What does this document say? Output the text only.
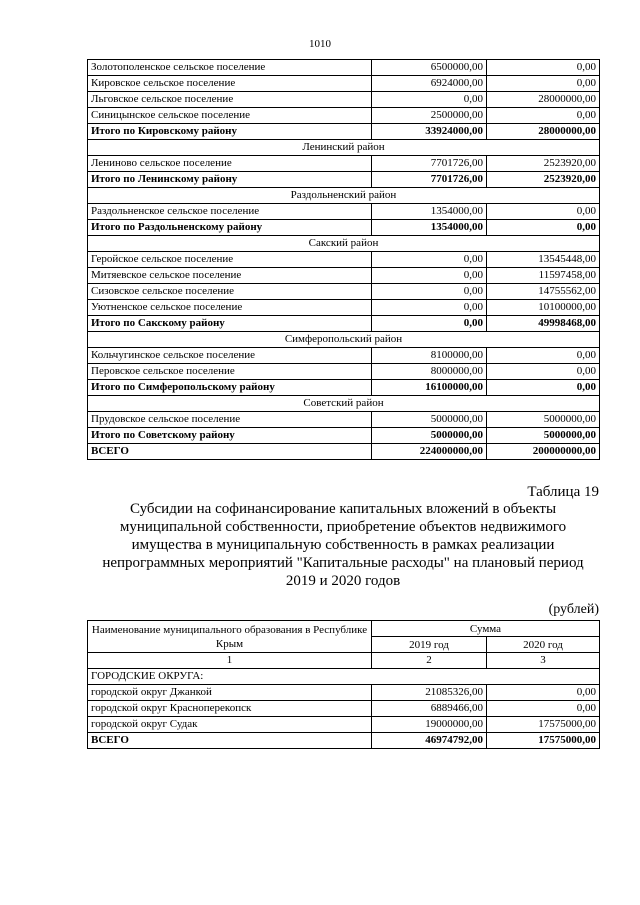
1010
Золотополенское сельское поселение	6500000,00	0,00
Кировское сельское поселение	6924000,00	0,00
Льговское сельское поселение	0,00	28000000,00
Синицынское сельское поселение	2500000,00	0,00
Итого по Кировскому району	33924000,00	28000000,00
Ленинский район		
Лениново сельское поселение	7701726,00	2523920,00
Итого по Ленинскому району	7701726,00	2523920,00
Раздольненский район		
Раздольненское сельское поселение	1354000,00	0,00
Итого по Раздольненскому району	1354000,00	0,00
Сакский район		
Геройское сельское поселение	0,00	13545448,00
Митяевское сельское поселение	0,00	11597458,00
Сизовское сельское поселение	0,00	14755562,00
Уютненское сельское поселение	0,00	10100000,00
Итого по Сакскому району	0,00	49998468,00
Симферопольский район		
Кольчугинское сельское поселение	8100000,00	0,00
Перовское сельское поселение	8000000,00	0,00
Итого по Симферопольскому району	16100000,00	0,00
Советский район		
Прудовское сельское поселение	5000000,00	5000000,00
Итого по Советскому району	5000000,00	5000000,00
ВСЕГО	224000000,00	200000000,00
Таблица 19
Субсидии на софинансирование капитальных вложений в объекты муниципальной собственности, приобретение объектов недвижимого имущества в муниципальную собственность в рамках реализации непрограммных мероприятий "Капитальные расходы" на плановый период 2019 и 2020 годов
(рублей)
Наименование муниципального образования в Республике Крым	Сумма	
	2019 год	2020 год
1	2	3
ГОРОДСКИЕ ОКРУГА:		
городской округ Джанкой	21085326,00	0,00
городской округ Красноперекопск	6889466,00	0,00
городской округ Судак	19000000,00	17575000,00
ВСЕГО	46974792,00	17575000,00
